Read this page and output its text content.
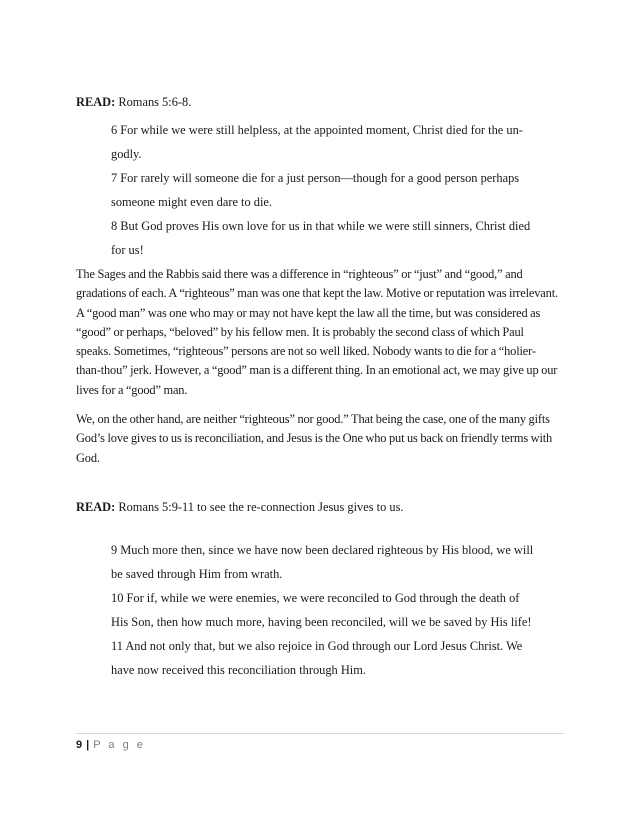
READ: Romans 5:6-8.

6 For while we were still helpless, at the appointed moment, Christ died for the un-godly.

7 For rarely will someone die for a just person—though for a good person perhaps someone might even dare to die.

8 But God proves His own love for us in that while we were still sinners, Christ died for us!

The Sages and the Rabbis said there was a difference in “righteous” or “just” and “good,” and gradations of each. A “righteous” man was one that kept the law. Motive or reputation was irrelevant. A “good man” was one who may or may not have kept the law all the time, but was considered as “good” or perhaps, “beloved” by his fellow men. It is probably the second class of which Paul speaks. Sometimes, “righteous” persons are not so well liked. Nobody wants to die for a “holier-than-thou” jerk. However, a “good” man is a different thing. In an emotional act, we may give up our lives for a “good” man.

We, on the other hand, are neither “righteous” nor good.” That being the case, one of the many gifts God’s love gives to us is reconciliation, and Jesus is the One who put us back on friendly terms with God.

READ: Romans 5:9-11 to see the re-connection Jesus gives to us.

9 Much more then, since we have now been declared righteous by His blood, we will be saved through Him from wrath.

10 For if, while we were enemies, we were reconciled to God through the death of His Son, then how much more, having been reconciled, will we be saved by His life!

11 And not only that, but we also rejoice in God through our Lord Jesus Christ. We have now received this reconciliation through Him.

9 | P a g e
